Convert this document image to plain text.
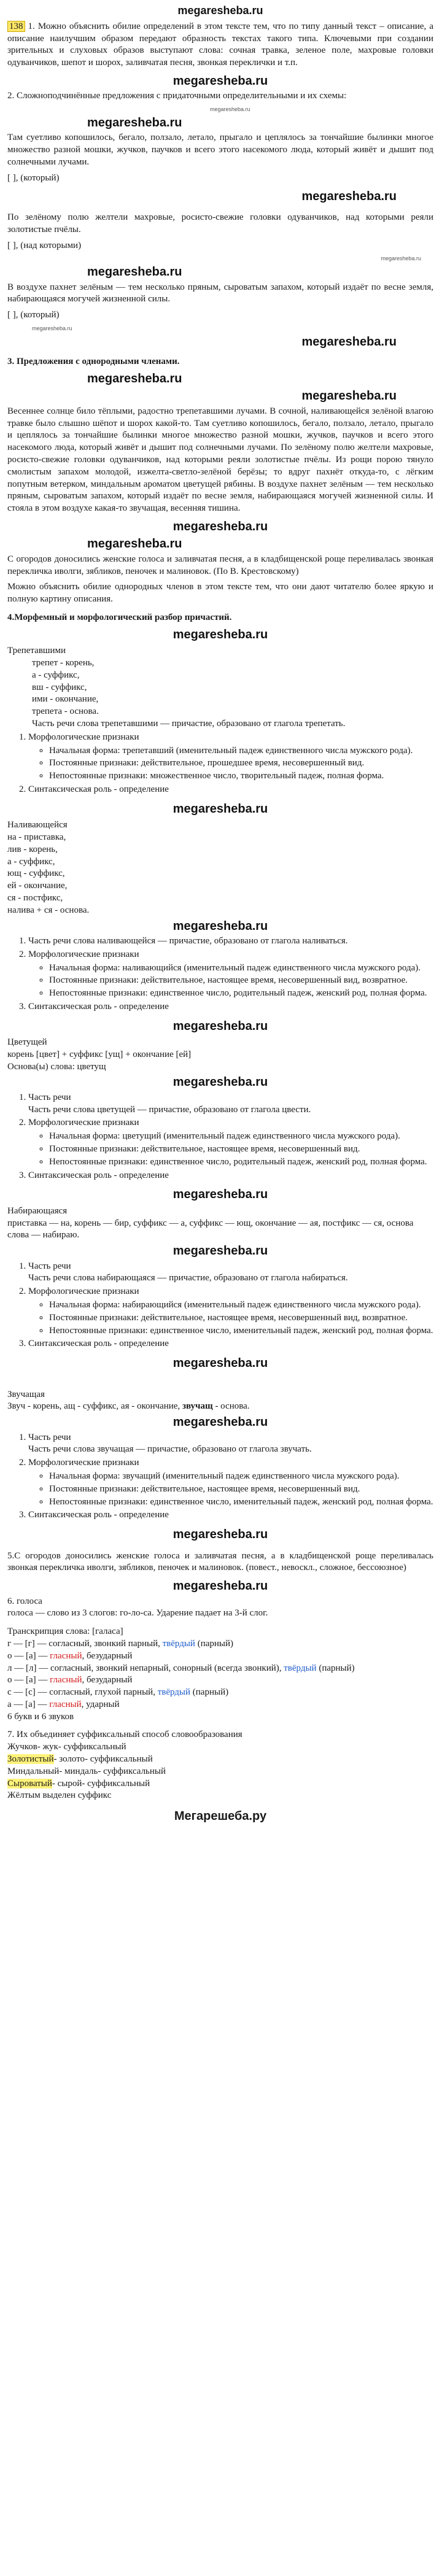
megaresheba.ru

138 1. Можно объяснить обилие определений в этом тексте тем, что по типу данный текст – описание, а описание наилучшим образом передают образность текстах такого типа. Ключевыми при создании зрительных и слуховых образов выступают слова: сочная травка, зеленое поле, махровые головки одуванчиков, шепот и шорох, заливчатая песня, звонкая переклички и т.п.

megaresheba.ru

2. Сложноподчинённые предложения с придаточными определительными и их схемы:

megaresheba.ru
megaresheba.ru

Там суетливо копошилось, бегало, ползало, летало, прыгало и цеплялось за тончайшие былинки многое множество разной мошки, жучков, паучков и всего этого насекомого люда, который живёт и дышит под солнечными лучами.

[ ], (который)
megaresheba.ru

По зелёному полю желтели махровые, росисто-свежие головки одуванчиков, над которыми реяли золотистые пчёлы.

[ ], (над которыми)
megaresheba.ru
megaresheba.ru

В воздухе пахнет зелёным — тем несколько пряным, сыроватым запахом, который издаёт по весне земля, набирающаяся могучей жизненной силы.

[ ], (который)
megaresheba.ru
megaresheba.ru
3. Предложения с однородными членами.
megaresheba.ru
megaresheba.ru

Весеннее солнце било тёплыми, радостно трепетавшими лучами. В сочной, наливающейся зелёной влагою травке было слышно шёпот и шорох какой-то. Там суетливо копошилось, бегало, ползало, летало, прыгало и цеплялось за тончайшие былинки многое множество разной мошки, жучков, паучков и всего этого насекомого люда, который живёт и дышит под солнечными лучами. По зелёному полю желтели махровые, росисто-свежие головки одуванчиков, над которыми реяли золотистые пчёлы. Из рощи порою тянуло смолистым запахом молодой, изжелта-светло-зелёной берёзы; то вдруг пахнёт откуда-то, с лёгким попутным ветерком, миндальным ароматом цветущей рябины. В воздухе пахнет зелёным — тем несколько пряным, сыроватым запахом, который издаёт по весне земля, набирающаяся могучей жизненной силы. И стояла в этом воздухе какая-то звучащая, весенняя тишина.

megaresheba.ru
megaresheba.ru

С огородов доносились женские голоса и заливчатая песня, а в кладбищенской роще переливалась звонкая перекличка иволги, зябликов, пеночек и малиновок. (По В. Крестовскому)

Можно объяснить обилие однородных членов в этом тексте тем, что они дают читателю более яркую и полную картину описания.

4.Морфемный и морфологический разбор причастий.
megaresheba.ru
Трепетавшими
трепет - корень,
а - суффикс,
вш - суффикс,
ими - окончание,
трепета - основа.
Часть речи слова трепетавшими — причастие, образовано от глагола трепетать.
1. Морфологические признаки
◦ Начальная форма: трепетавший (именительный падеж единственного числа мужского рода).
◦ Постоянные признаки: действительное, прошедшее время, несовершенный вид.
◦ Непостоянные признаки: множественное число, творительный падеж, полная форма.
2. Синтаксическая роль - определение
megaresheba.ru
Наливающейся
на - приставка,
лив - корень,
а - суффикс,
ющ - суффикс,
ей - окончание,
ся - постфикс,
налива + ся - основа.
megaresheba.ru
1. Часть речи слова наливающейся — причастие, образовано от глагола наливаться.
2. Морфологические признаки
◦ Начальная форма: наливающийся (именительный падеж единственного числа мужского рода).
◦ Постоянные признаки: действительное, настоящее время, несовершенный вид, возвратное.
◦ Непостоянные признаки: единственное число, родительный падеж, женский род, полная форма.
3. Синтаксическая роль - определение
megaresheba.ru
Цветущей
корень [цвет] + суффикс [ущ] + окончание [ей]
Основа(ы) слова: цветущ
megaresheba.ru
1. Часть речи
Часть речи слова цветущей — причастие, образовано от глагола цвести.
2. Морфологические признаки
◦ Начальная форма: цветущий (именительный падеж единственного числа мужского рода).
◦ Постоянные признаки: действительное, настоящее время, несовершенный вид.
◦ Непостоянные признаки: единственное число, родительный падеж, женский род, полная форма.
3. Синтаксическая роль - определение
megaresheba.ru
Набирающаяся
приставка — на, корень — бир, суффикс — а, суффикс — ющ, окончание — ая, постфикс — ся, основа слова — набираю.
megaresheba.ru
1. Часть речи
Часть речи слова набирающаяся — причастие, образовано от глагола набираться.
2. Морфологические признаки
◦ Начальная форма: набирающийся (именительный падеж единственного числа мужского рода).
◦ Постоянные признаки: действительное, настоящее время, несовершенный вид, возвратное.
◦ Непостоянные признаки: единственное число, именительный падеж, женский род, полная форма.
3. Синтаксическая роль - определение
megaresheba.ru
Звучащая
Звуч - корень, ащ - суффикс, ая - окончание, звучащ - основа.
megaresheba.ru
1. Часть речи
Часть речи слова звучащая — причастие, образовано от глагола звучать.
2. Морфологические признаки
◦ Начальная форма: звучащий (именительный падеж единственного числа мужского рода).
◦ Постоянные признаки: действительное, настоящее время, несовершенный вид.
◦ Непостоянные признаки: единственное число, именительный падеж, женский род, полная форма.
3. Синтаксическая роль - определение
megaresheba.ru

5.С огородов доносились женские голоса и заливчатая песня, а в кладбищенской роще переливалась звонкая перекличка иволги, зябликов, пеночек и малиновок. (повест., невоскл., сложное, бессоюзное)

megaresheba.ru
6. голоса
голоса — слово из 3 слогов: го-ло-са. Ударение падает на 3-й слог.
Транскрипция слова: [галаса]
г — [г] — согласный, звонкий парный, твёрдый (парный)
о — [а] — гласный, безударный
л — [л] — согласный, звонкий непарный, сонорный (всегда звонкий), твёрдый (парный)
о — [а] — гласный, безударный
с — [с] — согласный, глухой парный, твёрдый (парный)
а — [а] — гласный, ударный
6 букв и 6 звуков
7. Их объединяет суффиксальный способ словообразования
Жучков- жук- суффиксальный
Золотистый- золото- суффиксальный
Миндальный- миндаль- суффиксальный
Сыроватый- сырой- суффиксальный
Жёлтым выделен суффикс
Мегарешеба.ру
